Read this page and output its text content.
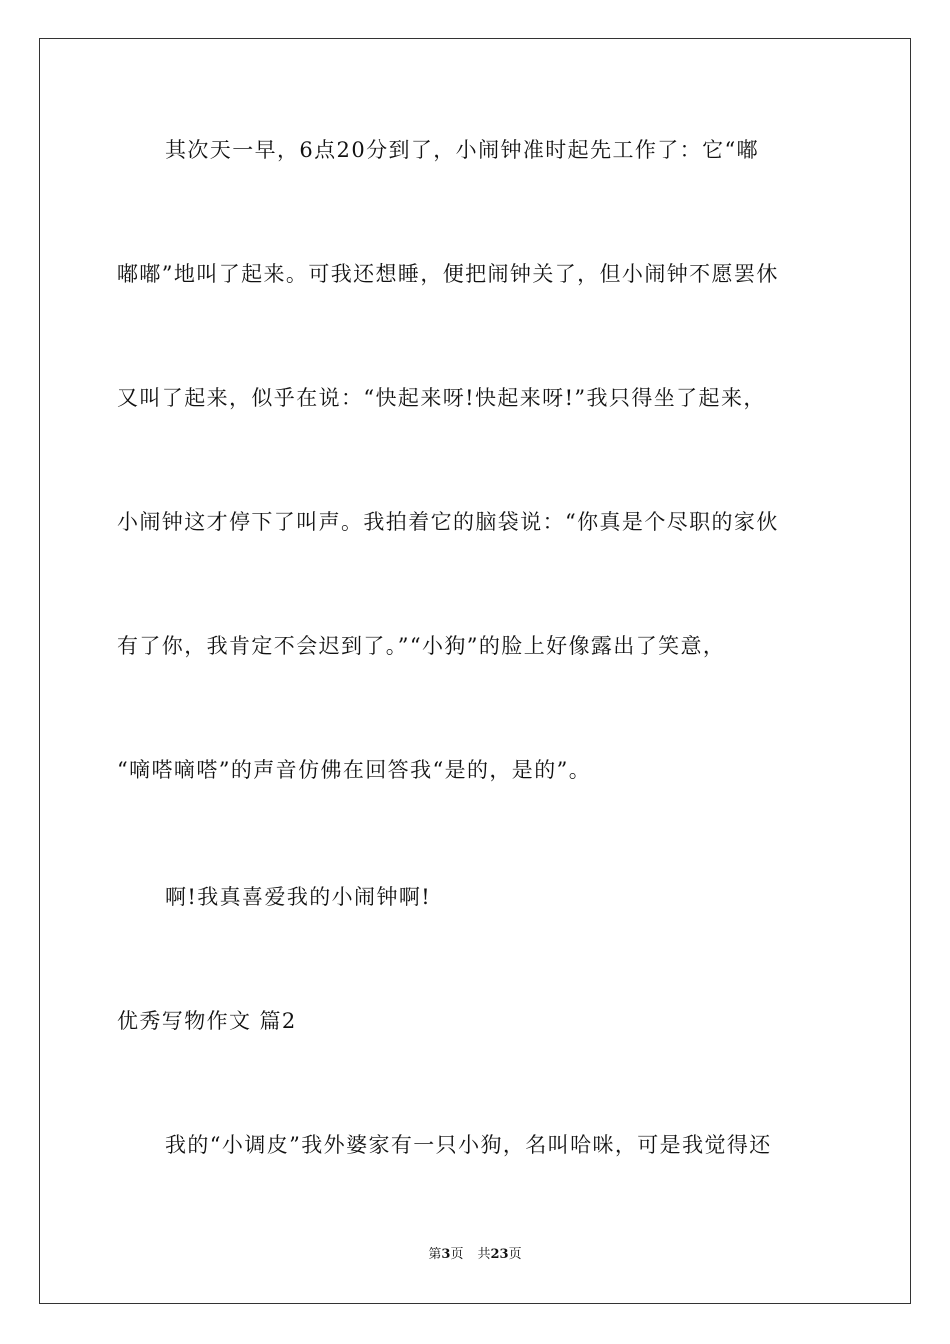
其次天一早，6点20分到了，小闹钟准时起先工作了：它“嘟
嘟嘟”地叫了起来。可我还想睡，便把闹钟关了，但小闹钟不愿罢休
又叫了起来，似乎在说：“快起来呀!快起来呀!”我只得坐了起来，
小闹钟这才停下了叫声。我拍着它的脑袋说：“你真是个尽职的家伙
有了你，我肯定不会迟到了。”“小狗”的脸上好像露出了笑意，
“嘀嗒嘀嗒”的声音仿佛在回答我“是的，是的”。
啊!我真喜爱我的小闹钟啊!
优秀写物作文 篇2
我的“小调皮”我外婆家有一只小狗，名叫哈咪，可是我觉得还
第3页 共23页
